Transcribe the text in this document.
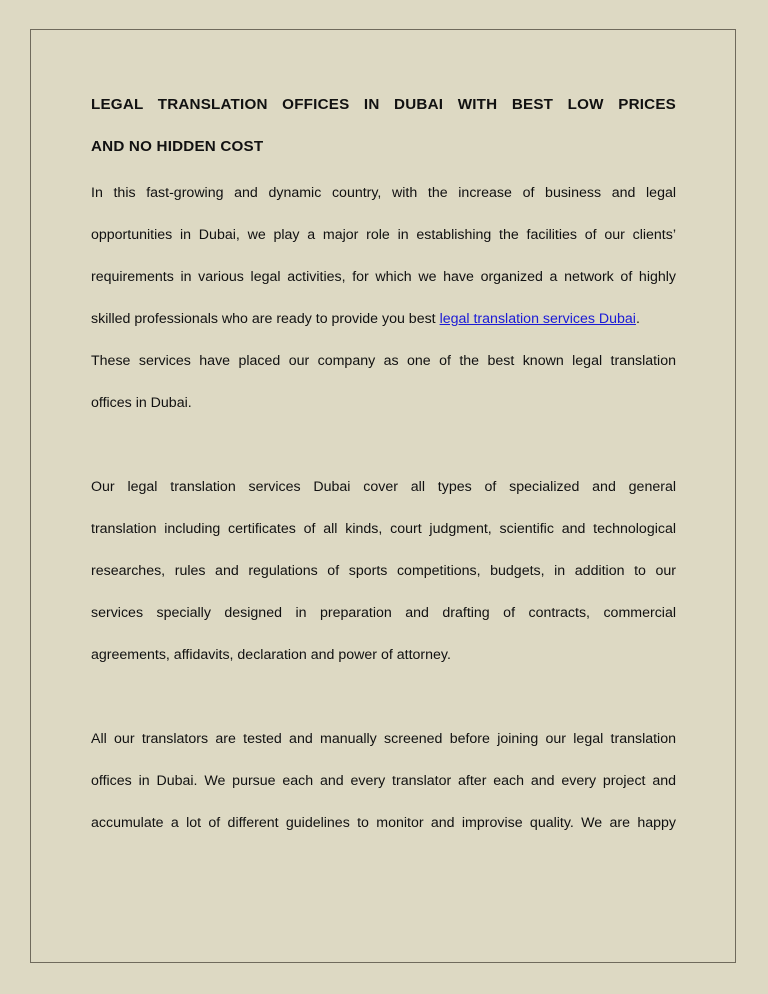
LEGAL TRANSLATION OFFICES IN DUBAI WITH BEST LOW PRICES
AND NO HIDDEN COST

In this fast-growing and dynamic country, with the increase of business and legal
opportunities in Dubai, we play a major role in establishing the facilities of our clients’
requirements in various legal activities, for which we have organized a network of highly
skilled professionals who are ready to provide you best legal translation services Dubai.
These services have placed our company as one of the best known legal translation
offices in Dubai.

Our legal translation services Dubai cover all types of specialized and general
translation including certificates of all kinds, court judgment, scientific and technological
researches, rules and regulations of sports competitions, budgets, in addition to our
services specially designed in preparation and drafting of contracts, commercial
agreements, affidavits, declaration and power of attorney.

All our translators are tested and manually screened before joining our legal translation
offices in Dubai. We pursue each and every translator after each and every project and
accumulate a lot of different guidelines to monitor and improvise quality. We are happy
